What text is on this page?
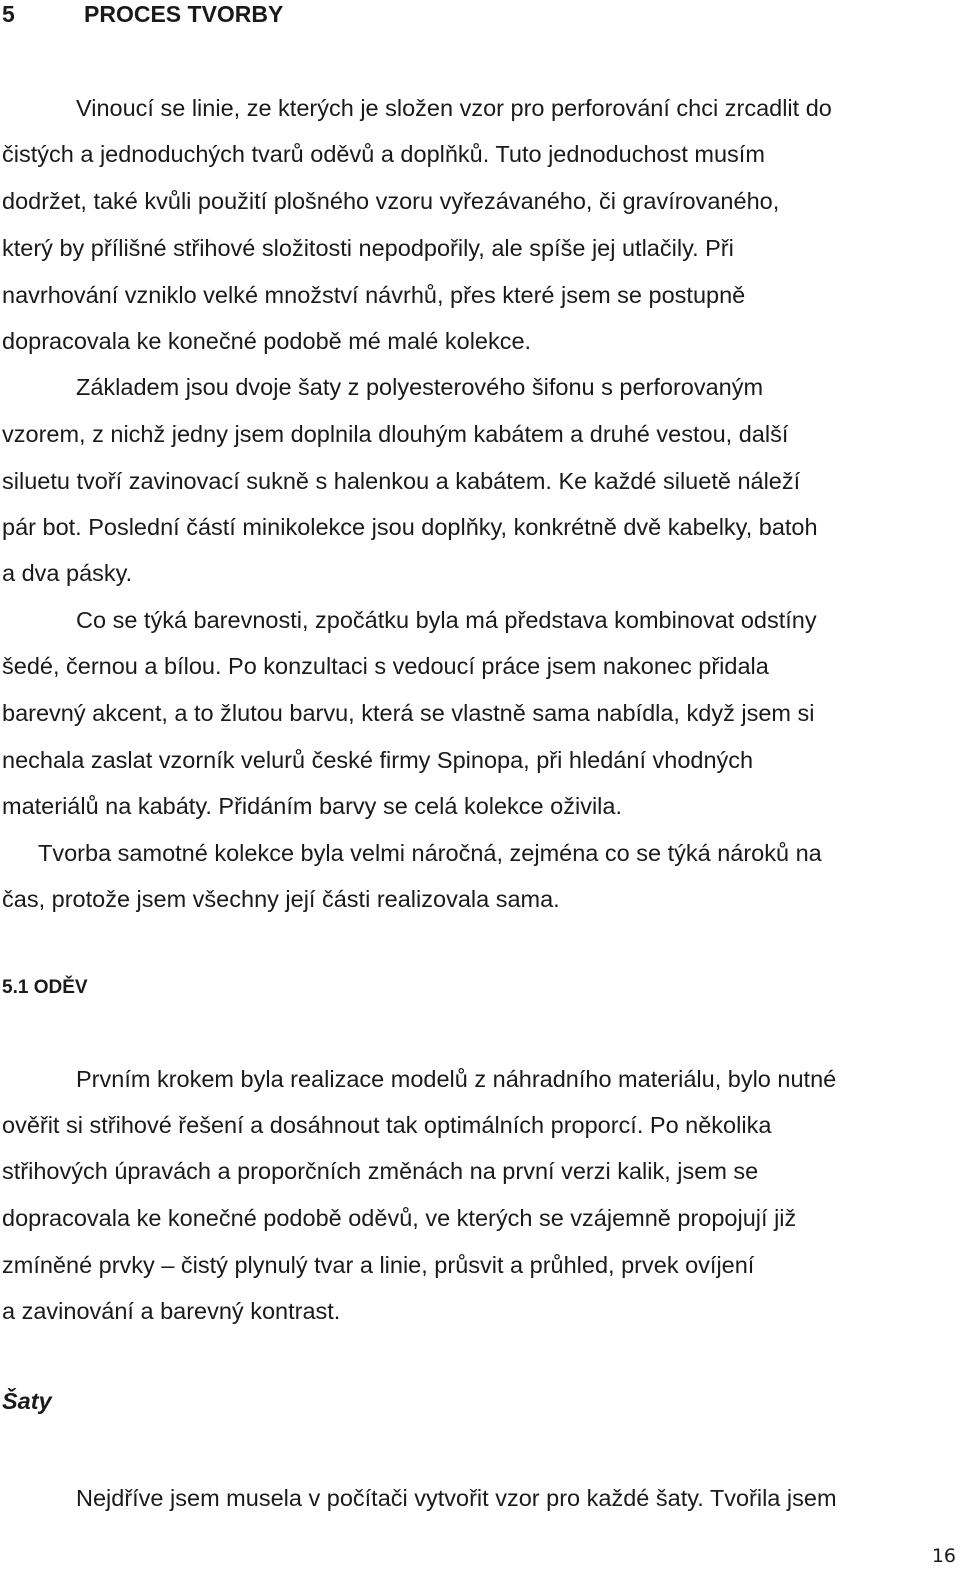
5	PROCES TVORBY

Vinoucí se linie, ze kterých je složen vzor pro perforování chci zrcadlit do

čistých a jednoduchých tvarů oděvů a doplňků. Tuto jednoduchost musím

dodržet, také kvůli použití plošného vzoru vyřezávaného, či gravírovaného,

který by přílišné střihové složitosti nepodpořily, ale spíše jej utlačily. Při

navrhování vzniklo velké množství návrhů, přes které jsem se postupně

dopracovala ke konečné podobě mé malé kolekce.

Základem jsou dvoje šaty z polyesterového šifonu s perforovaným

vzorem, z nichž jedny jsem doplnila dlouhým kabátem a druhé vestou, další

siluetu tvoří zavinovací sukně s halenkou a kabátem. Ke každé siluetě náleží

pár bot. Poslední částí minikolekce jsou doplňky, konkrétně dvě kabelky, batoh

a dva pásky.

Co se týká barevnosti, zpočátku byla má představa kombinovat odstíny

šedé, černou a bílou. Po konzultaci s vedoucí práce jsem nakonec přidala

barevný akcent, a to žlutou barvu, která se vlastně sama nabídla, když jsem si

nechala zaslat vzorník velurů české firmy Spinopa, při hledání vhodných

materiálů na kabáty. Přidáním barvy se celá kolekce oživila.

Tvorba samotné kolekce byla velmi náročná, zejména co se týká nároků na

čas, protože jsem všechny její části realizovala sama.

5.1 ODĚV

Prvním krokem byla realizace modelů z náhradního materiálu, bylo nutné

ověřit si střihové řešení a dosáhnout tak optimálních proporcí. Po několika

střihových úpravách a proporčních změnách na první verzi kalik, jsem se

dopracovala ke konečné podobě oděvů, ve kterých se vzájemně propojují již

zmíněné prvky – čistý plynulý tvar a linie, průsvit a průhled, prvek ovíjení

a zavinování a barevný kontrast.

Šaty

Nejdříve jsem musela v počítači vytvořit vzor pro každé šaty. Tvořila jsem

16
